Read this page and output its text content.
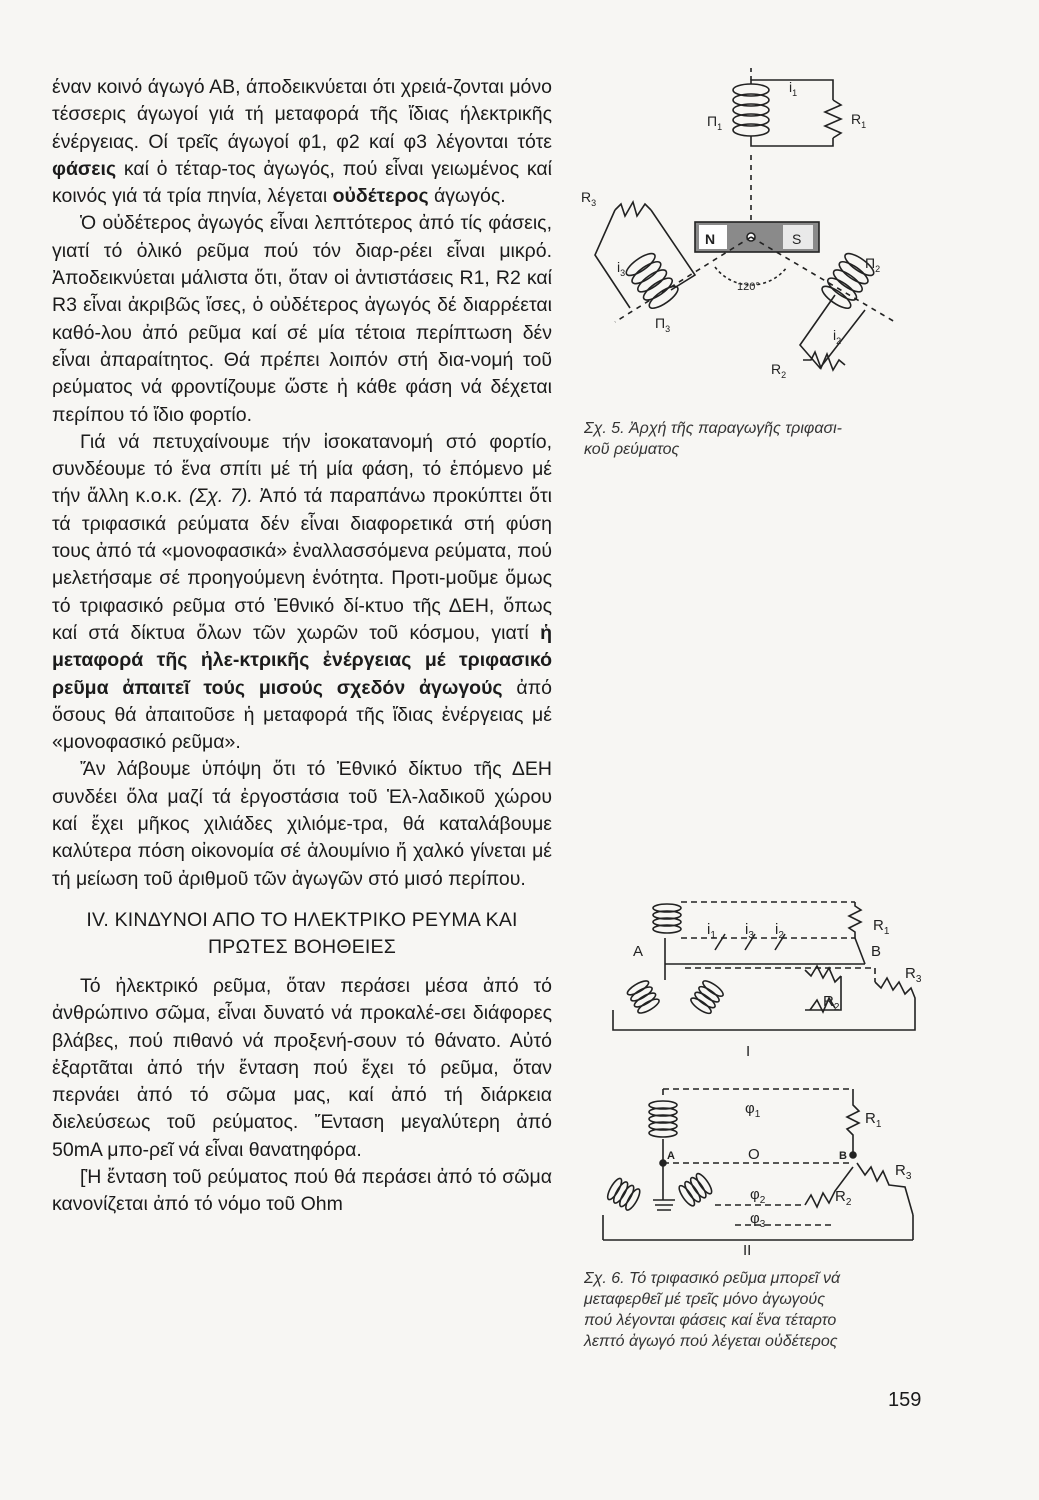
έναν κοινό άγωγό ΑΒ, άποδεικνύεται ότι χρειά-ζονται μόνο τέσσερις άγωγοί γιά τή μεταφορά τῆς ἴδιας ήλεκτρικῆς ένέργειας. Οί τρεῖς άγωγοί φ1, φ2 καί φ3 λέγονται τότε φάσεις καί ὁ τέταρ-τος ἀγωγός, πού εἶναι γειωμένος καί κοινός γιά τά τρία πηνία, λέγεται οὐδέτερος άγωγός.

Ὁ οὐδέτερος ἀγωγός εἶναι λεπτότερος ἀπό τίς φάσεις, γιατί τό ὁλικό ρεῦμα πού τόν διαρ-ρέει εἶναι μικρό. Ἀποδεικνύεται μάλιστα ὅτι, ὅταν οἱ ἀντιστάσεις R1, R2 καί R3 εἶναι ἀκριβῶς ἴσες, ὁ οὐδέτερος ἀγωγός δέ διαρρέεται καθό-λου ἀπό ρεῦμα καί σέ μία τέτοια περίπτωση δέν εἶναι ἀπαραίτητος. Θά πρέπει λοιπόν στή δια-νομή τοῦ ρεύματος νά φροντίζουμε ὥστε ἡ κάθε φάση νά δέχεται περίπου τό ἴδιο φορτίο.

Γιά νά πετυχαίνουμε τήν ἰσοκατανομή στό φορτίο, συνδέουμε τό ἕνα σπίτι μέ τή μία φάση, τό ἑπόμενο μέ τήν ἄλλη κ.ο.κ. (Σχ. 7). Ἀπό τά παραπάνω προκύπτει ὅτι τά τριφασικά ρεύματα δέν εἶναι διαφορετικά στή φύση τους ἀπό τά «μονοφασικά» ἐναλλασσόμενα ρεύματα, πού μελετήσαμε σέ προηγούμενη ἑνότητα. Προτι-μοῦμε ὅμως τό τριφασικό ρεῦμα στό Ἐθνικό δί-κτυο τῆς ΔΕΗ, ὅπως καί στά δίκτυα ὅλων τῶν χωρῶν τοῦ κόσμου, γιατί ἡ μεταφορά τῆς ἠλε-κτρικῆς ἐνέργειας μέ τριφασικό ρεῦμα ἀπαιτεῖ τούς μισούς σχεδόν ἀγωγούς ἀπό ὅσους θά ἀπαιτοῦσε ἡ μεταφορά τῆς ἴδιας ἐνέργειας μέ «μονοφασικό ρεῦμα».

Ἄν λάβουμε ὑπόψη ὅτι τό Ἐθνικό δίκτυο τῆς ΔΕΗ συνδέει ὅλα μαζί τά ἐργοστάσια τοῦ Ἑλ-λαδικοῦ χώρου καί ἔχει μῆκος χιλιάδες χιλιόμε-τρα, θά καταλάβουμε καλύτερα πόση οἰκονομία σέ ἀλουμίνιο ἤ χαλκό γίνεται μέ τή μείωση τοῦ ἀριθμοῦ τῶν ἀγωγῶν στό μισό περίπου.

IV. ΚΙΝΔΥΝΟΙ ΑΠΟ ΤΟ ΗΛΕΚΤΡΙΚΟ ΡΕΥΜΑ ΚΑΙ
ΠΡΩΤΕΣ ΒΟΗΘΕΙΕΣ

Τό ἠλεκτρικό ρεῦμα, ὅταν περάσει μέσα ἀπό τό ἀνθρώπινο σῶμα, εἶναι δυνατό νά προκαλέ-σει διάφορες βλάβες, πού πιθανό νά προξενή-σουν τό θάνατο. Αὐτό ἐξαρτᾶται ἀπό τήν ἔνταση πού ἔχει τό ρεῦμα, ὅταν περνάει ἀπό τό σῶμα μας, καί ἀπό τή διάρκεια διελεύσεως τοῦ ρεύματος. Ἔνταση μεγαλύτερη ἀπό 50mA μπο-ρεῖ νά εἶναι θανατηφόρα.

[Ἡ ἔνταση τοῦ ρεύματος πού θά περάσει ἀπό τό σῶμα κανονίζεται ἀπό τό νόμο τοῦ Ohm

$\Pi_1$
$i_1$
$R_1$
$R_3$
$i_3$
$\Pi_3$
N	S
120°
$\Pi_2$
$i_2$
$R_2$
Σχ. 5. Ἀρχή τῆς παραγωγῆς τριφασι-
κοῦ ρεύματος
A	B
$R_1$
$R_2$
$R_3$
$i_1$ $i_3$ $i_2$
I
$\varphi_1$	$R_1$
A	B
O
$R_3$
$\varphi_2$	$R_2$
$\varphi_3$
II
Σχ. 6. Τό τριφασικό ρεῦμα μπορεῖ νά
μεταφερθεῖ μέ τρεῖς μόνο ἀγωγούς
πού λέγονται φάσεις καί ἕνα τέταρτο
λεπτό ἀγωγό πού λέγεται οὐδέτερος
159
